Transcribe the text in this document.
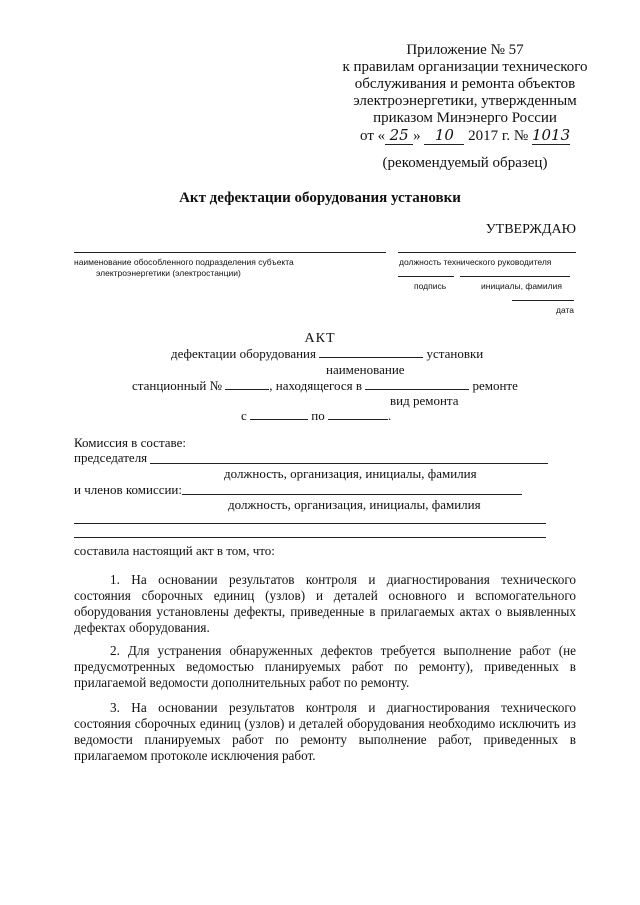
Приложение № 57
к правилам организации технического
обслуживания и ремонта объектов
электроэнергетики, утвержденным
приказом Минэнерго России
от « 25 » 10 2017 г. № 1013
(рекомендуемый образец)
Акт дефектации оборудования установки
УТВЕРЖДАЮ
наименование обособленного подразделения субъекта
электроэнергетики (электростанции)
должность технического руководителя
подпись	инициалы, фамилия
дата
АКТ
дефектации оборудования	установки
наименование
станционный №	, находящегося в	ремонте
вид ремонта
с	по	.
Комиссия в составе:
председателя
должность, организация, инициалы, фамилия
и членов комиссии:
должность, организация, инициалы, фамилия
составила настоящий акт в том, что:
1. На основании результатов контроля и диагностирования технического состояния сборочных единиц (узлов) и деталей основного и вспомогательного оборудования установлены дефекты, приведенные в прилагаемых актах о выявленных дефектах оборудования.
2. Для устранения обнаруженных дефектов требуется выполнение работ (не предусмотренных ведомостью планируемых работ по ремонту), приведенных в прилагаемой ведомости дополнительных работ по ремонту.
3. На основании результатов контроля и диагностирования технического состояния сборочных единиц (узлов) и деталей оборудования необходимо исключить из ведомости планируемых работ по ремонту выполнение работ, приведенных в прилагаемом протоколе исключения работ.
